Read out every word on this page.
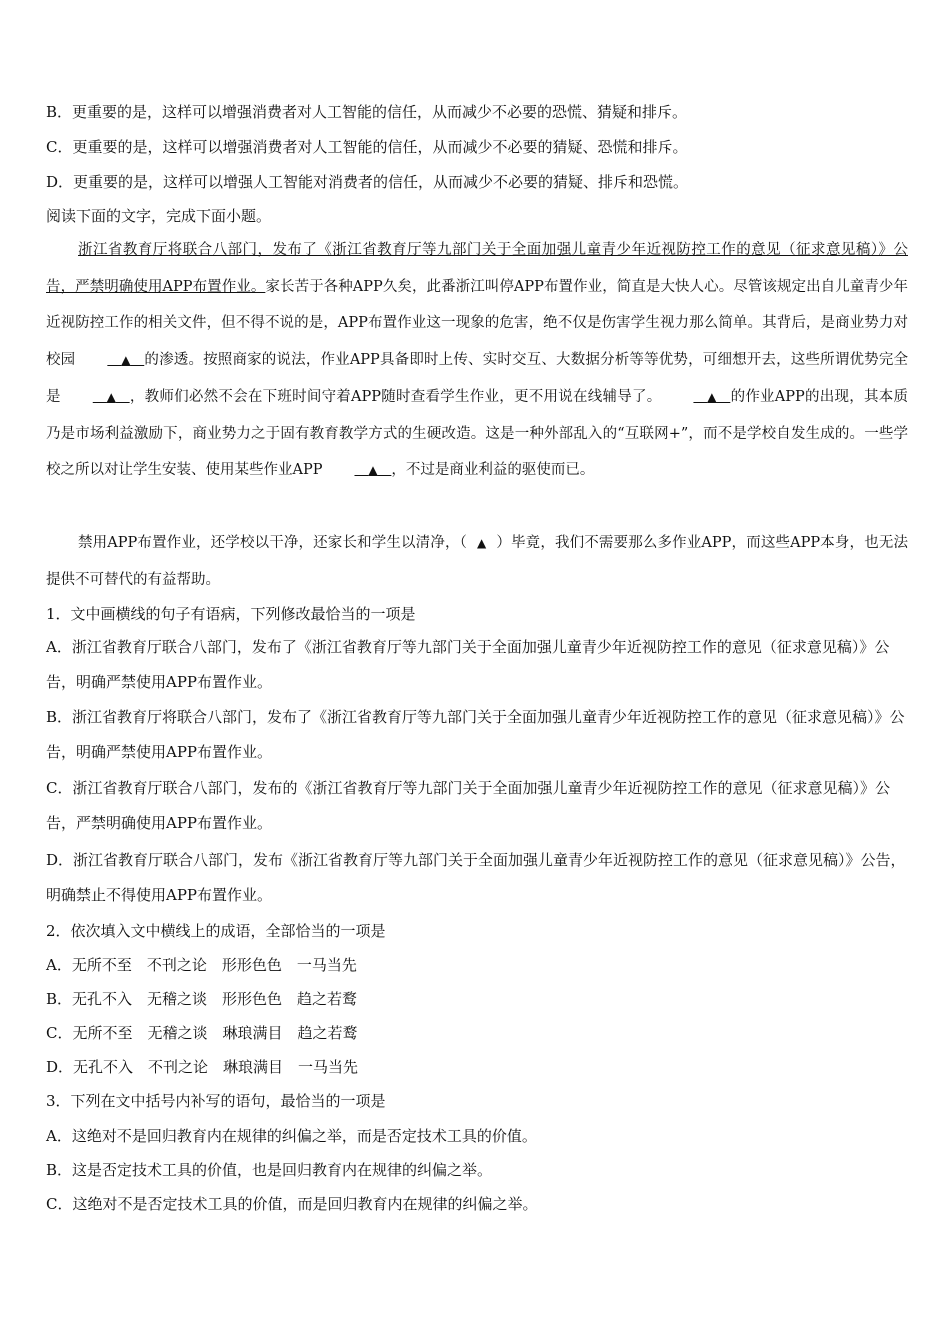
B．更重要的是，这样可以增强消费者对人工智能的信任，从而减少不必要的恐慌、猜疑和排斥。
C．更重要的是，这样可以增强消费者对人工智能的信任，从而减少不必要的猜疑、恐慌和排斥。
D．更重要的是，这样可以增强人工智能对消费者的信任，从而减少不必要的猜疑、排斥和恐慌。
阅读下面的文字，完成下面小题。
浙江省教育厅将联合八部门，发布了《浙江省教育厅等九部门关于全面加强儿童青少年近视防控工作的意见（征求意见稿）》公告，严禁明确使用APP布置作业。家长苦于各种APP久矣，此番浙江叫停APP布置作业，简直是大快人心。尽管该规定出自儿童青少年近视防控工作的相关文件，但不得不说的是，APP布置作业这一现象的危害，绝不仅是伤害学生视力那么简单。其背后，是商业势力对校园	▲ 的渗透。按照商家的说法，作业APP具备即时上传、实时交互、大数据分析等等优势，可细想开去，这些所谓优势完全是	▲ ，教师们必然不会在下班时间守着APP随时查看学生作业，更不用说在线辅导了。	▲ 的作业APP的出现，其本质乃是市场利益激励下，商业势力之于固有教育教学方式的生硬改造。这是一种外部乱入的“互联网+”，而不是学校自发生成的。一些学校之所以对让学生安装、使用某些作业APP	▲ ，不过是商业利益的驱使而已。
禁用APP布置作业，还学校以干净，还家长和学生以清净，（ ▲ ）毕竟，我们不需要那么多作业APP，而这些APP本身，也无法提供不可替代的有益帮助。
1．文中画横线的句子有语病，下列修改最恰当的一项是
A．浙江省教育厅联合八部门，发布了《浙江省教育厅等九部门关于全面加强儿童青少年近视防控工作的意见（征求意见稿）》公告，明确严禁使用APP布置作业。
B．浙江省教育厅将联合八部门，发布了《浙江省教育厅等九部门关于全面加强儿童青少年近视防控工作的意见（征求意见稿）》公告，明确严禁使用APP布置作业。
C．浙江省教育厅联合八部门，发布的《浙江省教育厅等九部门关于全面加强儿童青少年近视防控工作的意见（征求意见稿）》公告，严禁明确使用APP布置作业。
D．浙江省教育厅联合八部门，发布《浙江省教育厅等九部门关于全面加强儿童青少年近视防控工作的意见（征求意见稿）》公告，明确禁止不得使用APP布置作业。
2．依次填入文中横线上的成语，全部恰当的一项是
A．无所不至　不刊之论　形形色色　一马当先
B．无孔不入　无稽之谈　形形色色　趋之若鹜
C．无所不至　无稽之谈　琳琅满目　趋之若鹜
D．无孔不入　不刊之论　琳琅满目　一马当先
3．下列在文中括号内补写的语句，最恰当的一项是
A．这绝对不是回归教育内在规律的纠偏之举，而是否定技术工具的价值。
B．这是否定技术工具的价值，也是回归教育内在规律的纠偏之举。
C．这绝对不是否定技术工具的价值，而是回归教育内在规律的纠偏之举。
